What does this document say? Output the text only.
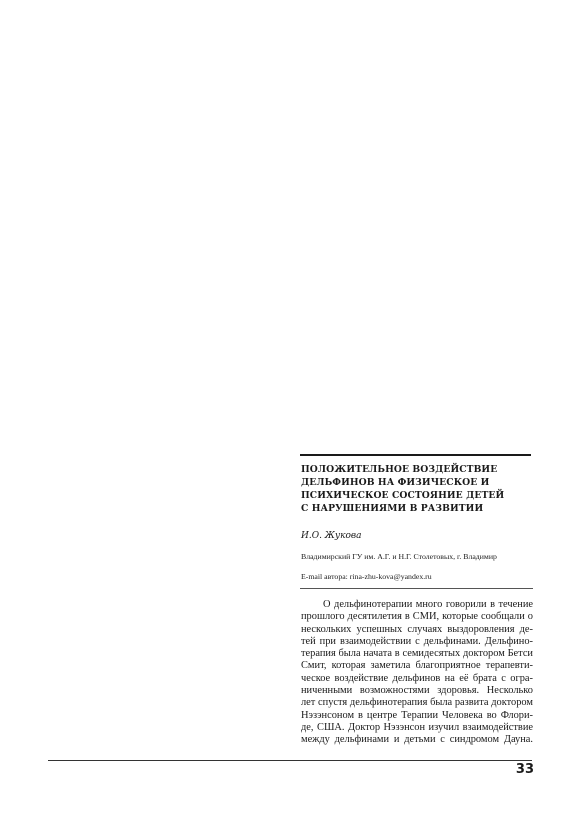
ПОЛОЖИТЕЛЬНОЕ ВОЗДЕЙСТВИЕ
ДЕЛЬФИНОВ НА ФИЗИЧЕСКОЕ И
ПСИХИЧЕСКОЕ СОСТОЯНИЕ ДЕТЕЙ
С НАРУШЕНИЯМИ В РАЗВИТИИ
И.О. Жукова
Владимирский ГУ им. А.Г. и Н.Г. Столетовых, г. Владимир
E-mail автора: rina-zhu-kova@yandex.ru
О дельфинотерапии много говорили в течение
прошлого десятилетия в СМИ, которые сообщали о
нескольких успешных случаях выздоровления де-
тей при взаимодействии с дельфинами. Дельфино-
терапия была начата в семидесятых доктором Бетси
Смит, которая заметила благоприятное терапевти-
ческое воздействие дельфинов на её брата с огра-
ниченными возможностями здоровья. Несколько
лет спустя дельфинотерапия была развита доктором
Нэзэнсоном в центре Терапии Человека во Флори-
де, США. Доктор Нэзэнсон изучил взаимодействие
между дельфинами и детьми с синдромом Дауна.
33
